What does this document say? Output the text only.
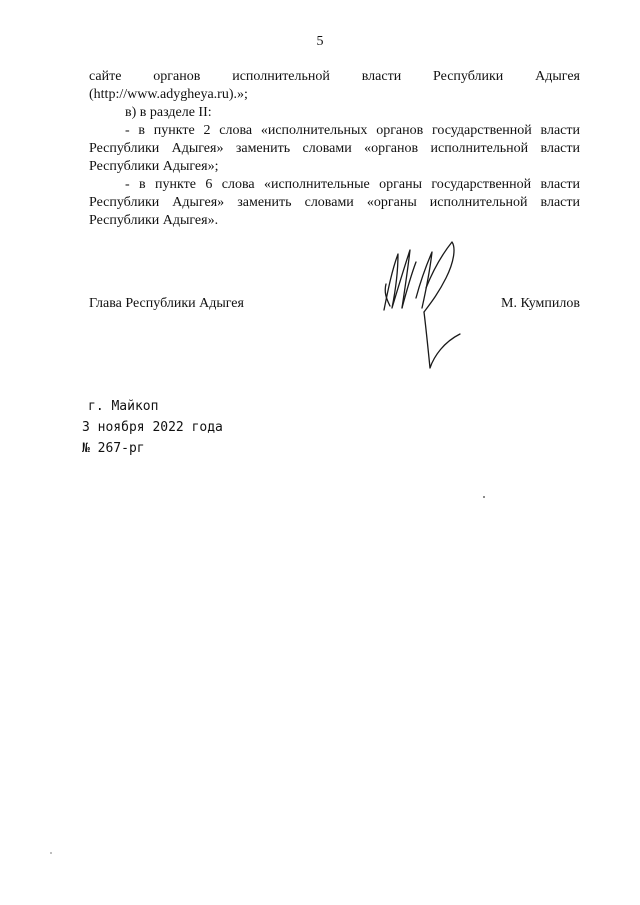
5

сайте органов исполнительной власти Республики Адыгея
(http://www.adygheya.ru).»;

в) в разделе II:

- в пункте 2 слова «исполнительных органов государственной власти Республики Адыгея» заменить словами «органов исполнительной власти Республики Адыгея»;

- в пункте 6 слова «исполнительные органы государственной власти Республики Адыгея» заменить словами «органы исполнительной власти Республики Адыгея».

Глава Республики Адыгея	М. Кумпилов
г. Майкоп
3 ноября 2022 года
№ 267-рг
